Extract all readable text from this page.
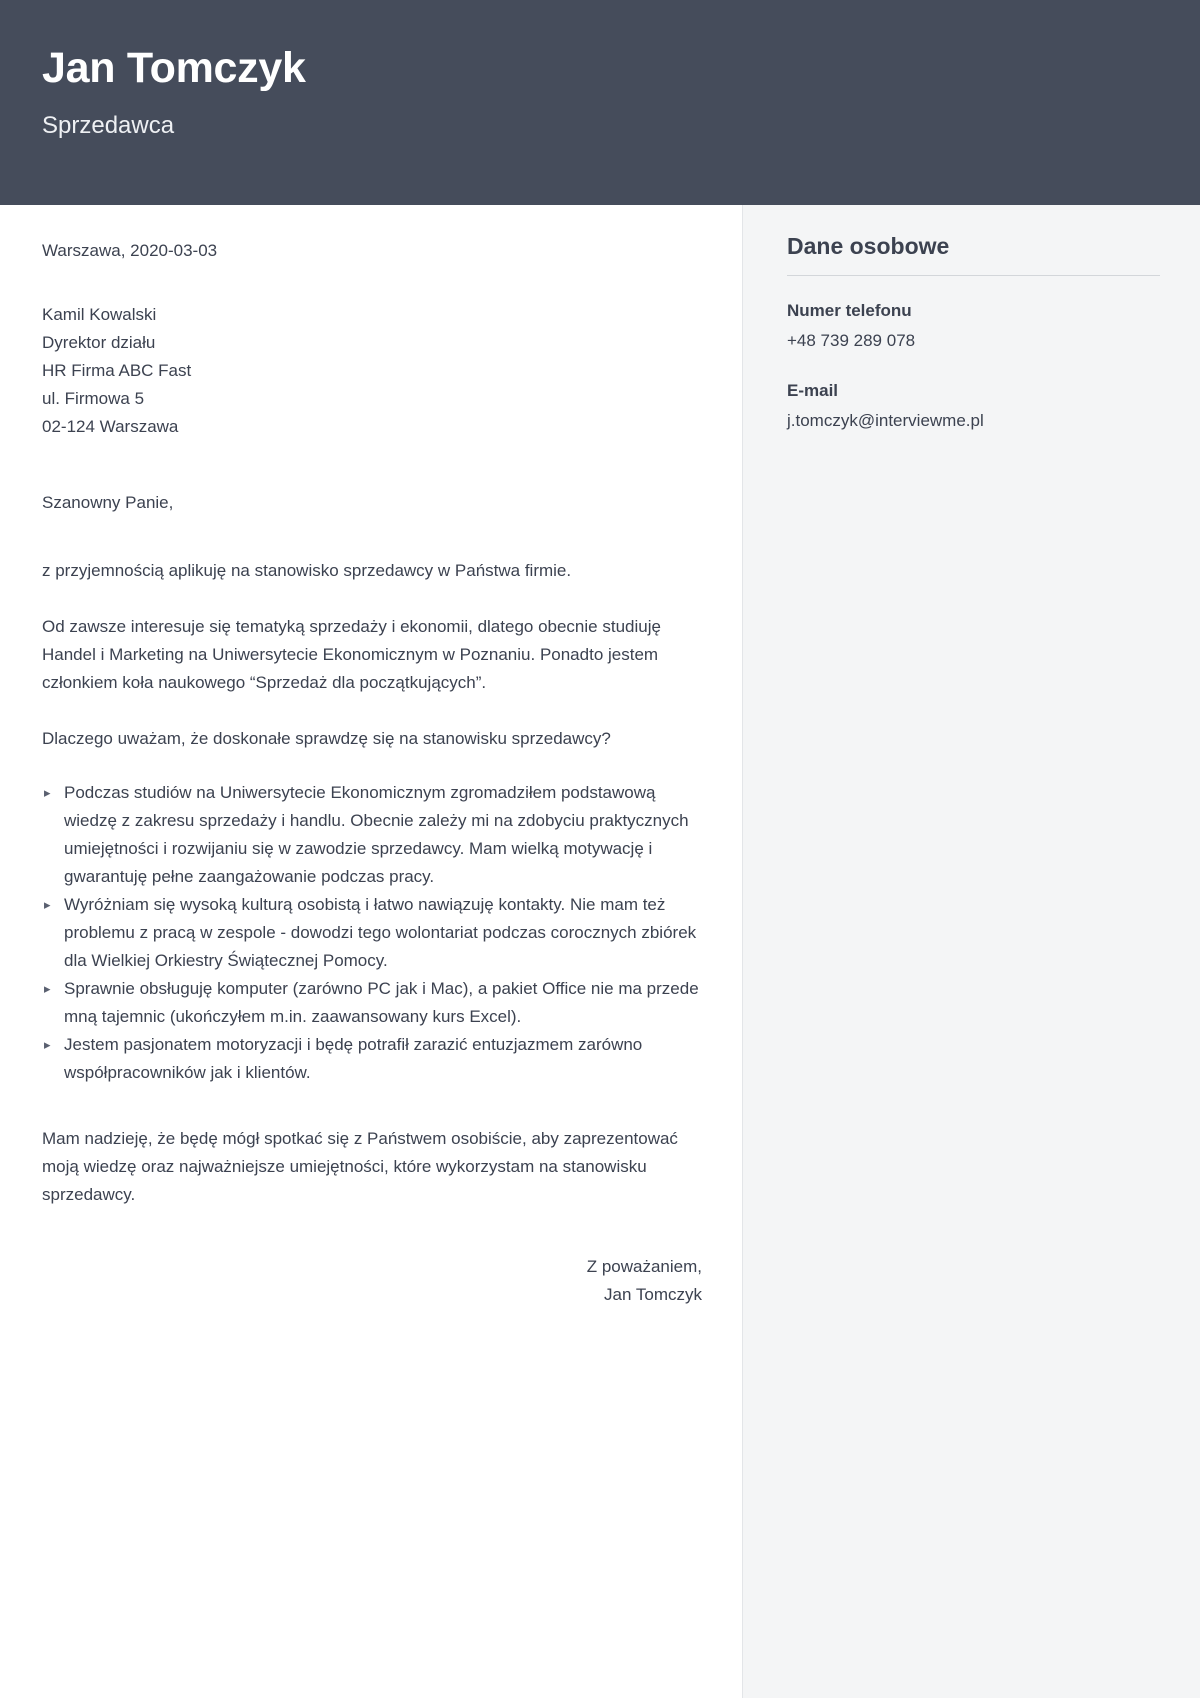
Jan Tomczyk
Sprzedawca
Warszawa, 2020-03-03
Kamil Kowalski
Dyrektor działu
HR Firma ABC Fast
ul. Firmowa 5
02-124 Warszawa
Szanowny Panie,

z przyjemnością aplikuję na stanowisko sprzedawcy w Państwa firmie.

Od zawsze interesuje się tematyką sprzedaży i ekonomii, dlatego obecnie studiuję Handel i Marketing na Uniwersytecie Ekonomicznym w Poznaniu. Ponadto jestem członkiem koła naukowego “Sprzedaż dla początkujących”.

Dlaczego uważam, że doskonałe sprawdzę się na stanowisku sprzedawcy?

▸ Podczas studiów na Uniwersytecie Ekonomicznym zgromadziłem podstawową wiedzę z zakresu sprzedaży i handlu. Obecnie zależy mi na zdobyciu praktycznych umiejętności i rozwijaniu się w zawodzie sprzedawcy. Mam wielką motywację i gwarantuję pełne zaangażowanie podczas pracy.
▸ Wyróżniam się wysoką kulturą osobistą i łatwo nawiązuję kontakty. Nie mam też problemu z pracą w zespole - dowodzi tego wolontariat podczas corocznych zbiórek dla Wielkiej Orkiestry Świątecznej Pomocy.
▸ Sprawnie obsługuję komputer (zarówno PC jak i Mac), a pakiet Office nie ma przede mną tajemnic (ukończyłem m.in. zaawansowany kurs Excel).
▸ Jestem pasjonatem motoryzacji i będę potrafił zarazić entuzjazmem zarówno współpracowników jak i klientów.

Mam nadzieję, że będę mógł spotkać się z Państwem osobiście, aby zaprezentować moją wiedzę oraz najważniejsze umiejętności, które wykorzystam na stanowisku sprzedawcy.

Z poważaniem,
Jan Tomczyk
Dane osobowe
Numer telefonu
+48 739 289 078
E-mail
j.tomczyk@interviewme.pl
